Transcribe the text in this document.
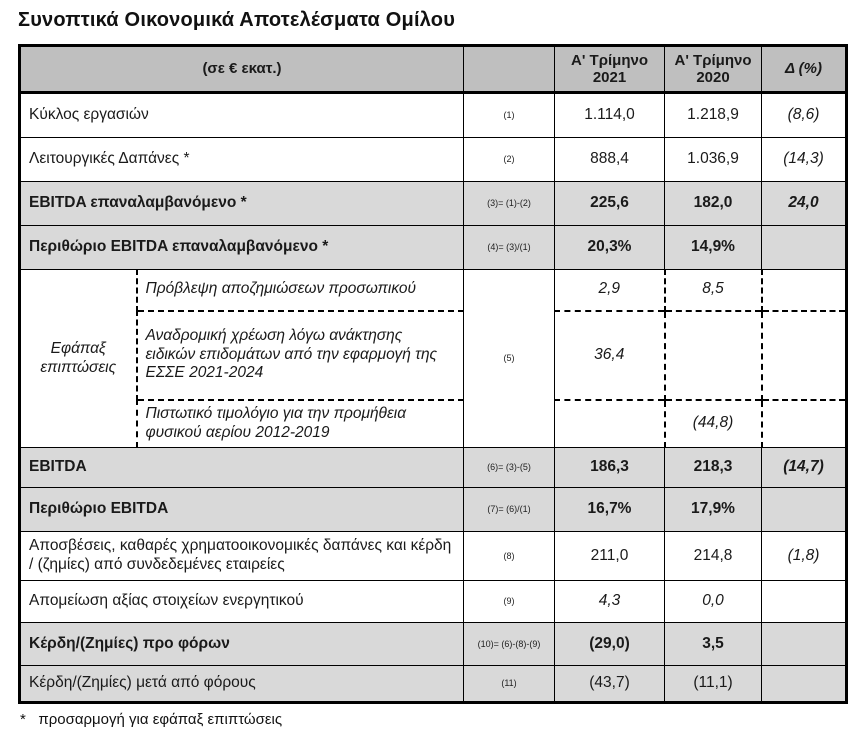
Συνοπτικά Οικονομικά Αποτελέσματα Ομίλου
(σε € εκατ.)			Α' Τρίμηνο 2021	Α' Τρίμηνο 2020	Δ (%)
Κύκλος εργασιών		(1)	1.114,0	1.218,9	(8,6)
Λειτουργικές Δαπάνες *		(2)	888,4	1.036,9	(14,3)
EBITDA επαναλαμβανόμενο *		(3)= (1)-(2)	225,6	182,0	24,0
Περιθώριο EBITDA επαναλαμβανόμενο *		(4)= (3)/(1)	20,3%	14,9%	
Εφάπαξ επιπτώσεις	Πρόβλεψη αποζημιώσεων προσωπικού	(5)	2,9	8,5	
	Αναδρομική χρέωση λόγω ανάκτησης ειδικών επιδομάτων από την εφαρμογή της ΕΣΣΕ 2021-2024		36,4		
	Πιστωτικό τιμολόγιο για την προμήθεια φυσικού αερίου 2012-2019			(44,8)	
EBITDA		(6)= (3)-(5)	186,3	218,3	(14,7)
Περιθώριο EBITDA		(7)= (6)/(1)	16,7%	17,9%	
Αποσβέσεις, καθαρές χρηματοοικονομικές δαπάνες και κέρδη / (ζημίες) από συνδεδεμένες εταιρείες		(8)	211,0	214,8	(1,8)
Απομείωση αξίας στοιχείων ενεργητικού		(9)	4,3	0,0	
Κέρδη/(Ζημίες) προ φόρων		(10)= (6)-(8)-(9)	(29,0)	3,5	
Κέρδη/(Ζημίες) μετά από φόρους		(11)	(43,7)	(11,1)	
*   προσαρμογή για εφάπαξ επιπτώσεις
